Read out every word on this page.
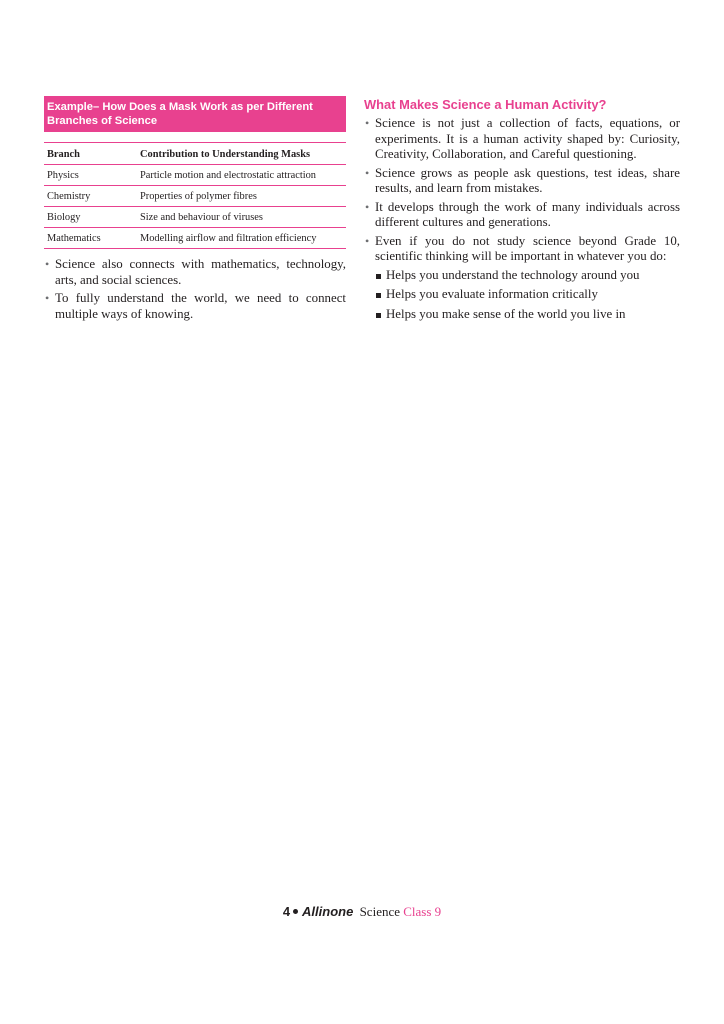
Example– How Does a Mask Work as per Different Branches of Science
Branch	Contribution to Understanding Masks
Physics	Particle motion and electrostatic attraction
Chemistry	Properties of polymer fibres
Biology	Size and behaviour of viruses
Mathematics	Modelling airflow and filtration efficiency
• Science also connects with mathematics, technology, arts, and social sciences.
• To fully understand the world, we need to connect multiple ways of knowing.
What Makes Science a Human Activity?
• Science is not just a collection of facts, equations, or experiments. It is a human activity shaped by: Curiosity, Creativity, Collaboration, and Careful questioning.
• Science grows as people ask questions, test ideas, share results, and learn from mistakes.
• It develops through the work of many individuals across different cultures and generations.
• Even if you do not study science beyond Grade 10, scientific thinking will be important in whatever you do:
Helps you understand the technology around you
Helps you evaluate information critically
Helps you make sense of the world you live in
4 Allinone Science Class 9
